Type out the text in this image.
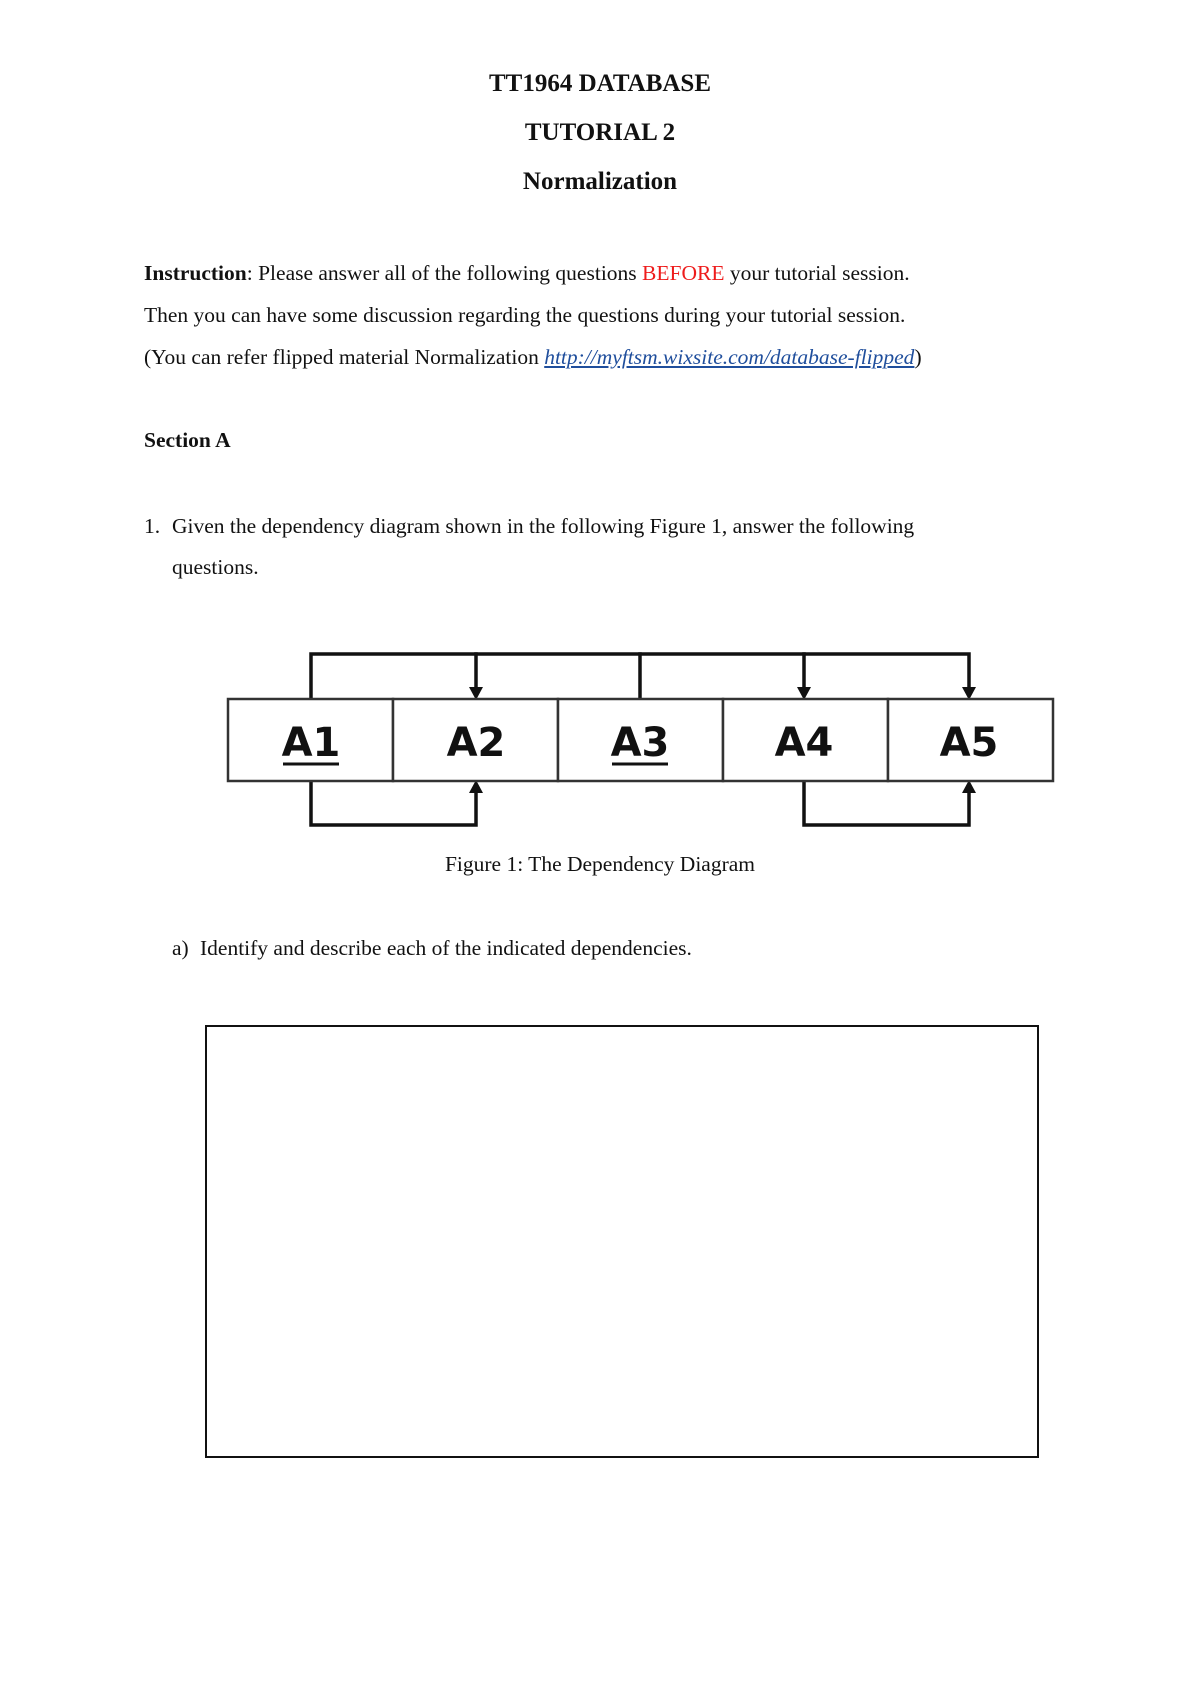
TT1964 DATABASE
TUTORIAL 2
Normalization
Instruction: Please answer all of the following questions BEFORE your tutorial session.
Then you can have some discussion regarding the questions during your tutorial session.
(You can refer flipped material Normalization http://myftsm.wixsite.com/database-flipped)
Section A
1. Given the dependency diagram shown in the following Figure 1, answer the following
questions.
A1	A2	A3	A4	A5
Figure 1: The Dependency Diagram
a) Identify and describe each of the indicated dependencies.
